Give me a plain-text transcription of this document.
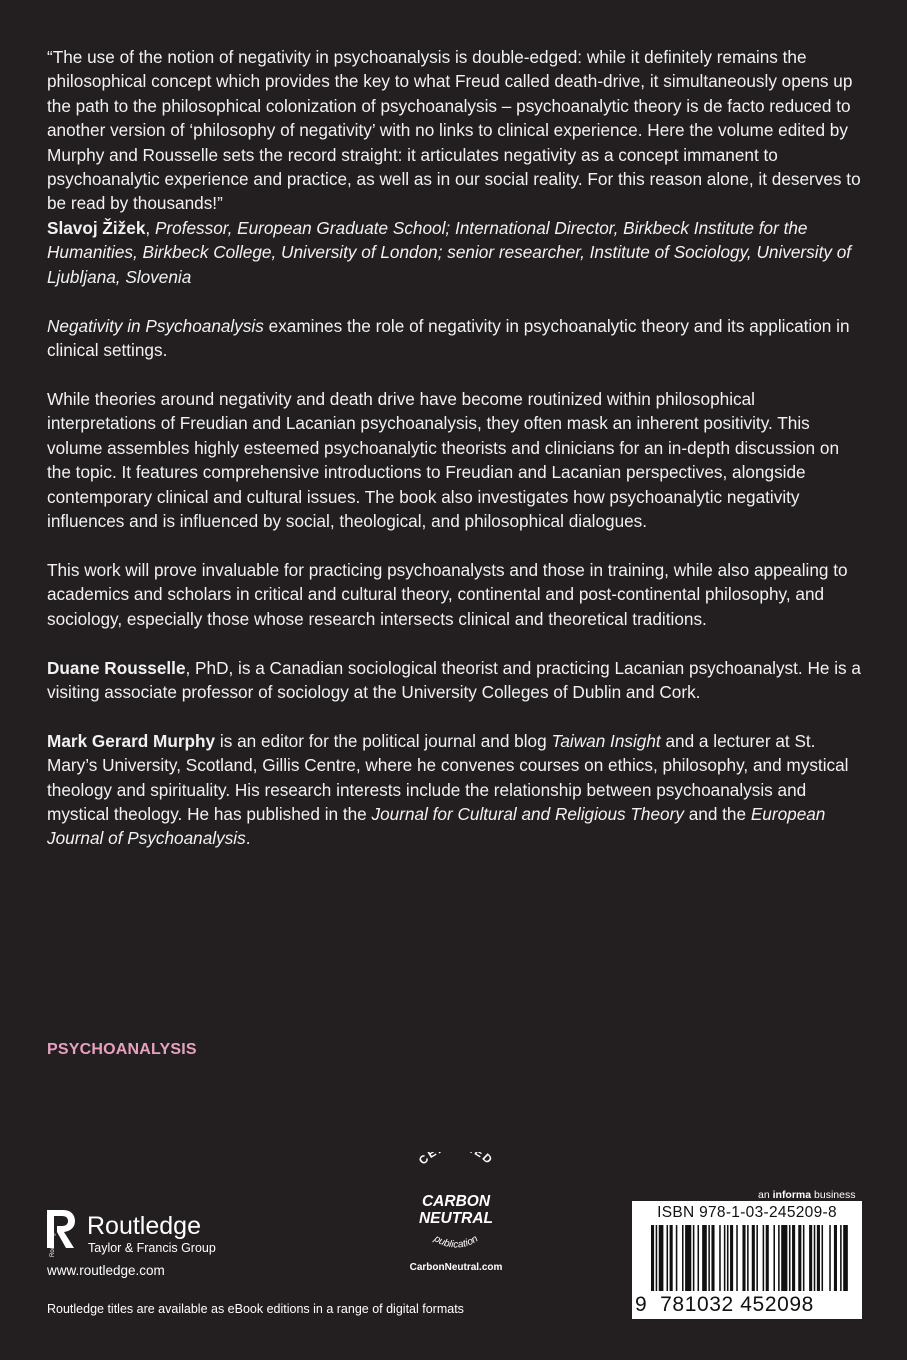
“The use of the notion of negativity in psychoanalysis is double-edged: while it definitely remains the philosophical concept which provides the key to what Freud called death-drive, it simultaneously opens up the path to the philosophical colonization of psychoanalysis – psychoanalytic theory is de facto reduced to another version of ‘philosophy of negativity’ with no links to clinical experience. Here the volume edited by Murphy and Rousselle sets the record straight: it articulates negativity as a concept immanent to psychoanalytic experience and practice, as well as in our social reality. For this reason alone, it deserves to be read by thousands!”

Slavoj Žižek, Professor, European Graduate School; International Director, Birkbeck Institute for the Humanities, Birkbeck College, University of London; senior researcher, Institute of Sociology, University of Ljubljana, Slovenia

Negativity in Psychoanalysis examines the role of negativity in psychoanalytic theory and its application in clinical settings.

While theories around negativity and death drive have become routinized within philosophical interpretations of Freudian and Lacanian psychoanalysis, they often mask an inherent positivity. This volume assembles highly esteemed psychoanalytic theorists and clinicians for an in-depth discussion on the topic. It features comprehensive introductions to Freudian and Lacanian perspectives, alongside contemporary clinical and cultural issues. The book also investigates how psychoanalytic negativity influences and is influenced by social, theological, and philosophical dialogues.

This work will prove invaluable for practicing psychoanalysts and those in training, while also appealing to academics and scholars in critical and cultural theory, continental and post-continental philosophy, and sociology, especially those whose research intersects clinical and theoretical traditions.

Duane Rousselle, PhD, is a Canadian sociological theorist and practicing Lacanian psychoanalyst. He is a visiting associate professor of sociology at the University Colleges of Dublin and Cork.

Mark Gerard Murphy is an editor for the political journal and blog Taiwan Insight and a lecturer at St. Mary’s University, Scotland, Gillis Centre, where he convenes courses on ethics, philosophy, and mystical theology and spirituality. His research interests include the relationship between psychoanalysis and mystical theology. He has published in the Journal for Cultural and Religious Theory and the European Journal of Psychoanalysis.

PSYCHOANALYSIS
Routledge
Routledge
Taylor & Francis Group
www.routledge.com
Routledge titles are available as eBook editions in a range of digital formats
CE ED
CARBON
NEUTRAL
publication
CarbonNeutral.com
an informa business
ISBN 978-1-03-245209-8
9 781032 452098
